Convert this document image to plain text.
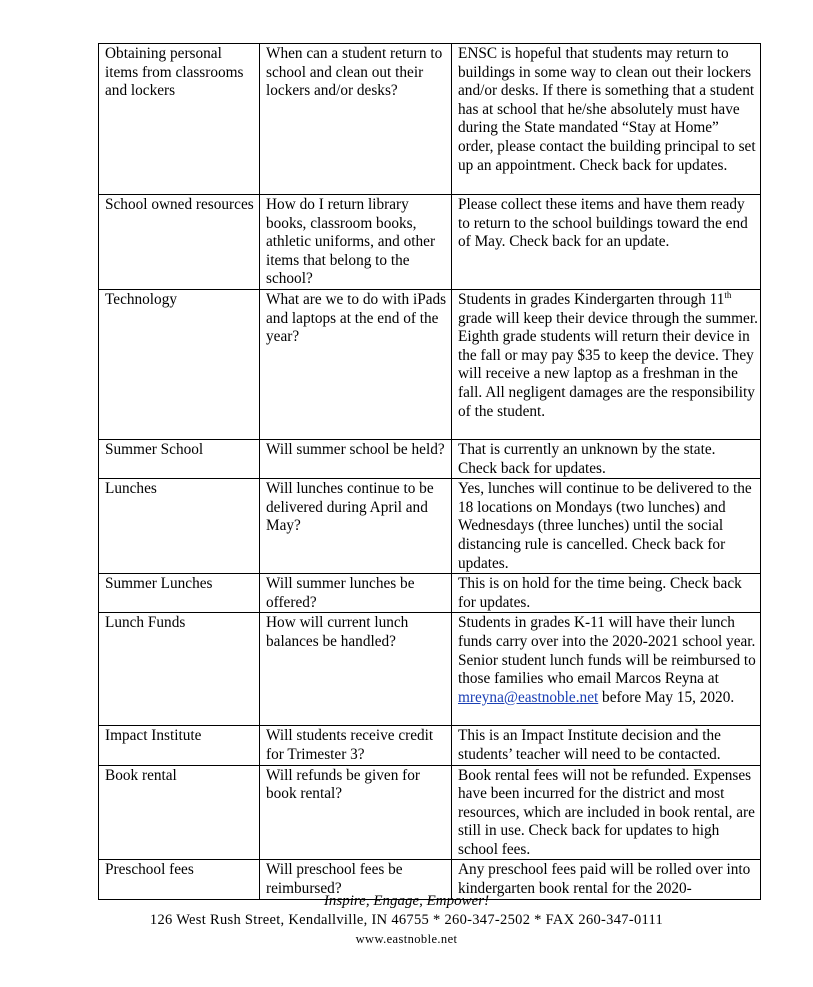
Obtaining personal items from classrooms and lockers	When can a student return to school and clean out their lockers and/or desks?	ENSC is hopeful that students may return to buildings in some way to clean out their lockers and/or desks. If there is something that a student has at school that he/she absolutely must have during the State mandated “Stay at Home” order, please contact the building principal to set up an appointment. Check back for updates.
School owned resources	How do I return library books, classroom books, athletic uniforms, and other items that belong to the school?	Please collect these items and have them ready to return to the school buildings toward the end of May. Check back for an update.
Technology	What are we to do with iPads and laptops at the end of the year?	Students in grades Kindergarten through 11th grade will keep their device through the summer. Eighth grade students will return their device in the fall or may pay $35 to keep the device. They will receive a new laptop as a freshman in the fall. All negligent damages are the responsibility of the student.
Summer School	Will summer school be held?	That is currently an unknown by the state. Check back for updates.
Lunches	Will lunches continue to be delivered during April and May?	Yes, lunches will continue to be delivered to the 18 locations on Mondays (two lunches) and Wednesdays (three lunches) until the social distancing rule is cancelled. Check back for updates.
Summer Lunches	Will summer lunches be offered?	This is on hold for the time being. Check back for updates.
Lunch Funds	How will current lunch balances be handled?	Students in grades K-11 will have their lunch funds carry over into the 2020-2021 school year. Senior student lunch funds will be reimbursed to those families who email Marcos Reyna at mreyna@eastnoble.net before May 15, 2020.
Impact Institute	Will students receive credit for Trimester 3?	This is an Impact Institute decision and the students’ teacher will need to be contacted.
Book rental	Will refunds be given for book rental?	Book rental fees will not be refunded. Expenses have been incurred for the district and most resources, which are included in book rental, are still in use. Check back for updates to high school fees.
Preschool fees	Will preschool fees be reimbursed?	Any preschool fees paid will be rolled over into kindergarten book rental for the 2020-
Inspire, Engage, Empower!
126 West Rush Street, Kendallville, IN 46755 * 260-347-2502 * FAX 260-347-0111
www.eastnoble.net
